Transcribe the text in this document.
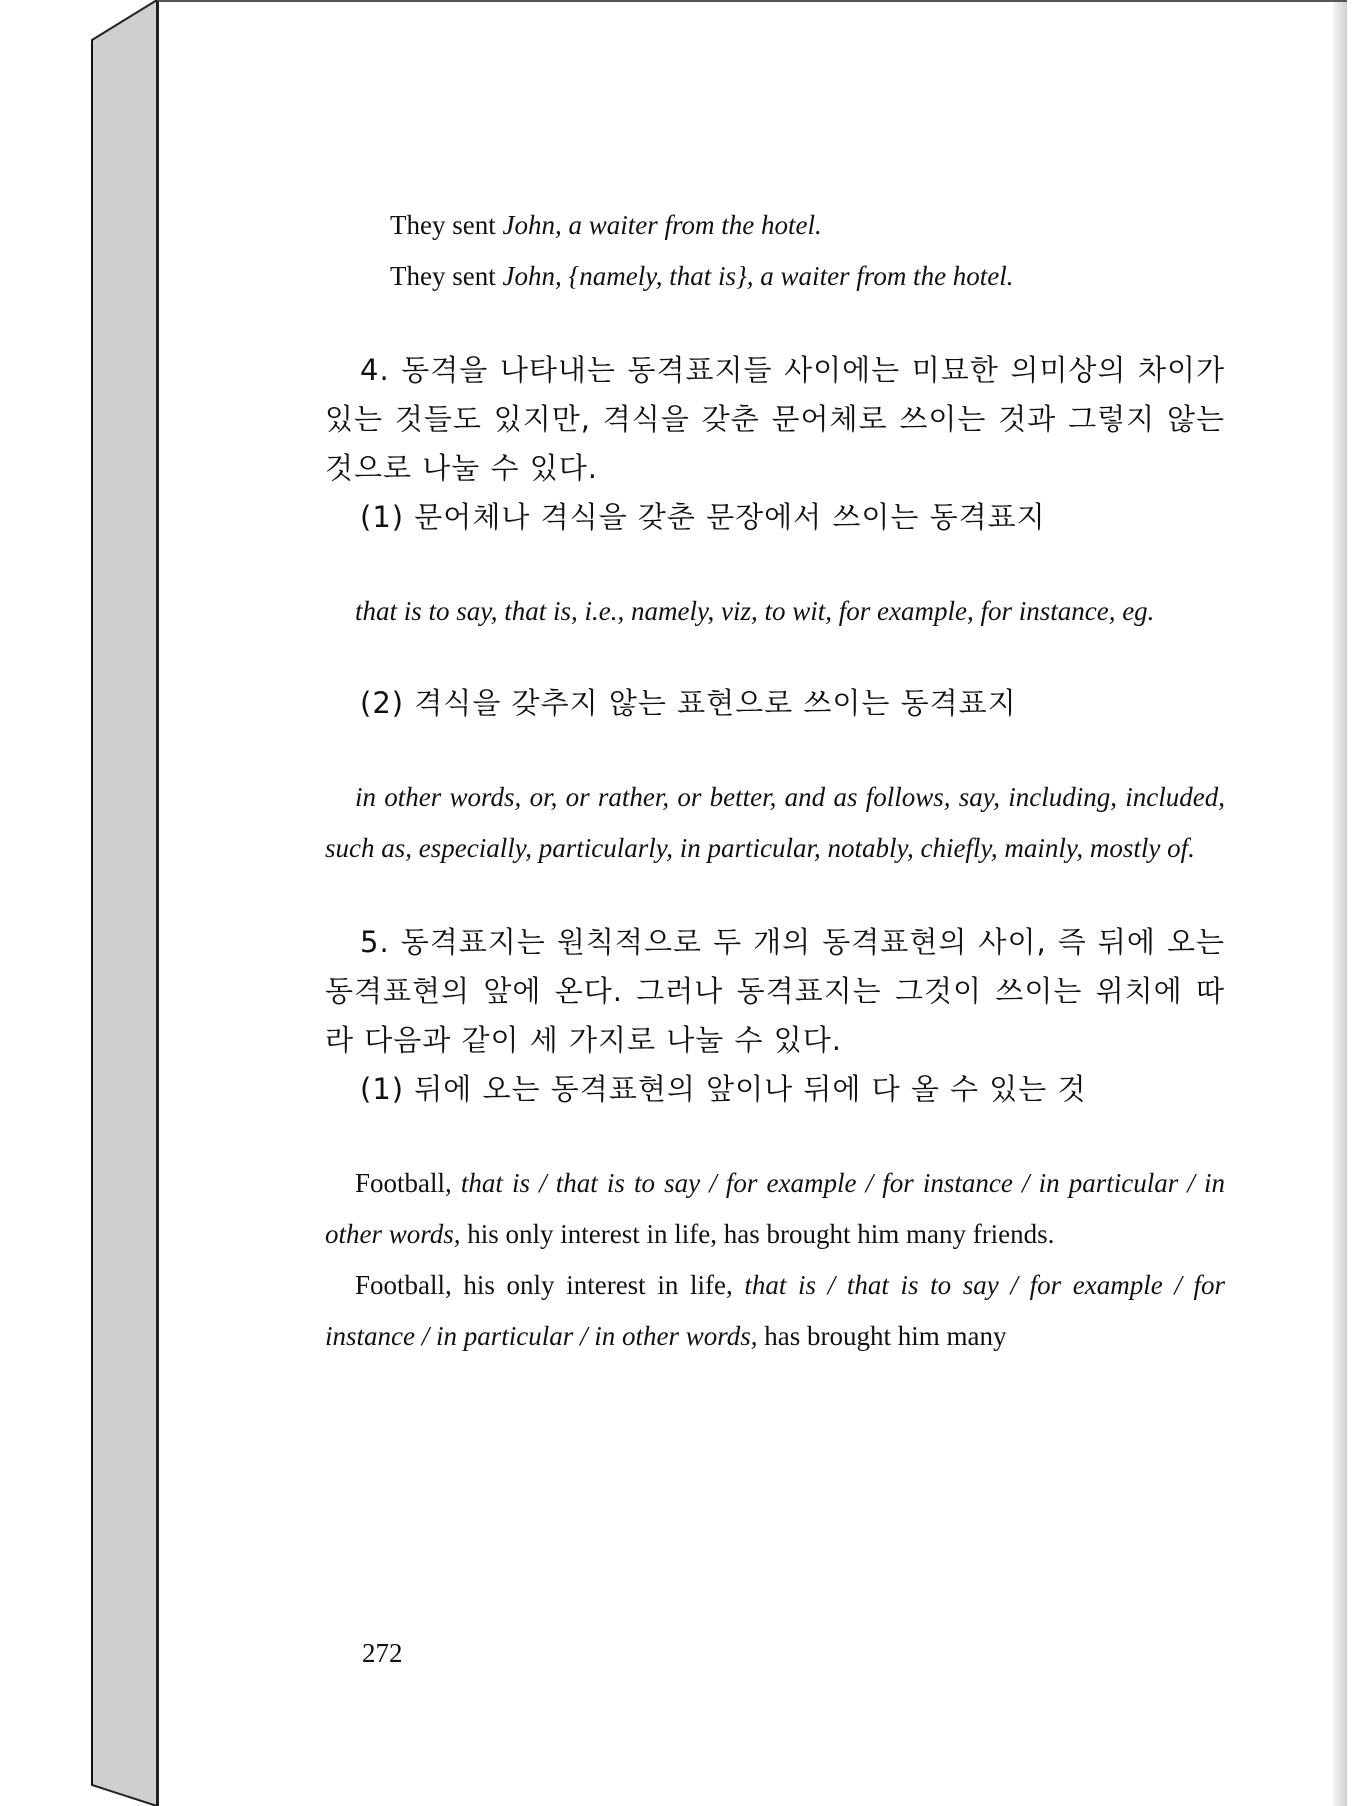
They sent John, a waiter from the hotel.

They sent John, {namely, that is}, a waiter from the hotel.

4. 동격을 나타내는 동격표지들 사이에는 미묘한 의미상의 차이가 있는 것들도 있지만, 격식을 갖춘 문어체로 쓰이는 것과 그렇지 않는 것으로 나눌 수 있다.

(1) 문어체나 격식을 갖춘 문장에서 쓰이는 동격표지

that is to say, that is, i.e., namely, viz, to wit, for example, for instance, eg.

(2) 격식을 갖추지 않는 표현으로 쓰이는 동격표지

in other words, or, or rather, or better, and as follows, say, including, included, such as, especially, particularly, in particular, notably, chiefly, mainly, mostly of.

5. 동격표지는 원칙적으로 두 개의 동격표현의 사이, 즉 뒤에 오는 동격표현의 앞에 온다. 그러나 동격표지는 그것이 쓰이는 위치에 따라 다음과 같이 세 가지로 나눌 수 있다.

(1) 뒤에 오는 동격표현의 앞이나 뒤에 다 올 수 있는 것

Football, that is / that is to say / for example / for instance / in particular / in other words, his only interest in life, has brought him many friends.

Football, his only interest in life, that is / that is to say / for example / for instance / in particular / in other words, has brought him many

272
